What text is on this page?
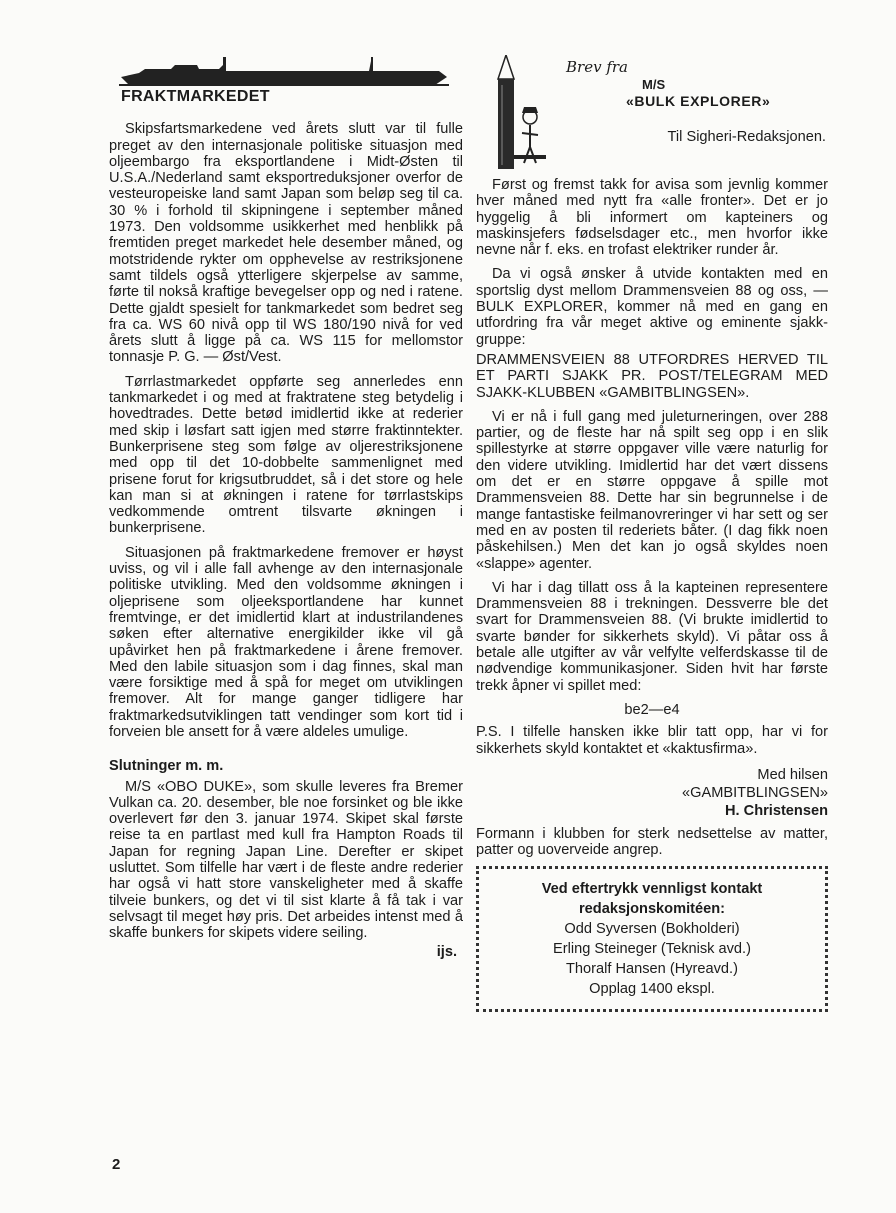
FRAKTMARKEDET

Skipsfartsmarkedene ved årets slutt var til fulle preget av den internasjonale politiske situasjon med oljeembargo fra eksportlandene i Midt-Østen til U.S.A./Nederland samt eksportreduksjoner overfor de vesteuropeiske land samt Japan som beløp seg til ca. 30 % i forhold til skipningene i september måned 1973. Den voldsomme usikkerhet med henblikk på fremtiden preget markedet hele desember måned, og motstridende rykter om opphevelse av restriksjonene samt tildels også ytterligere skjerpelse av samme, førte til nokså kraftige bevegelser opp og ned i ratene. Dette gjaldt spesielt for tankmarkedet som bedret seg fra ca. WS 60 nivå opp til WS 180/190 nivå for ved årets slutt å ligge på ca. WS 115 for mellomstor tonnasje P. G. — Øst/Vest.

Tørrlastmarkedet oppførte seg annerledes enn tankmarkedet i og med at fraktratene steg betydelig i hovedtrades. Dette betød imidlertid ikke at rederier med skip i løsfart satt igjen med større fraktinntekter. Bunkerprisene steg som følge av oljerestriksjonene med opp til det 10-dobbelte sammenlignet med prisene forut for krigsutbruddet, så i det store og hele kan man si at økningen i ratene for tørrlastskips vedkommende omtrent tilsvarte økningen i bunkerprisene.

Situasjonen på fraktmarkedene fremover er høyst uviss, og vil i alle fall avhenge av den internasjonale politiske utvikling. Med den voldsomme økningen i oljeprisene som oljeeksportlandene har kunnet fremtvinge, er det imidlertid klart at industrilandenes søken efter alternative energikilder ikke vil gå upåvirket hen på fraktmarkedene i årene fremover. Med den labile situasjon som i dag finnes, skal man være forsiktige med å spå for meget om utviklingen fremover. Alt for mange ganger tidligere har fraktmarkedsutviklingen tatt vendinger som kort tid i forveien ble ansett for å være aldeles umulige.

Slutninger m. m.

M/S «OBO DUKE», som skulle leveres fra Bremer Vulkan ca. 20. desember, ble noe forsinket og ble ikke overlevert før den 3. januar 1974. Skipet skal første reise ta en partlast med kull fra Hampton Roads til Japan for regning Japan Line. Derefter er skipet usluttet. Som tilfelle har vært i de fleste andre rederier har også vi hatt store vanskeligheter med å skaffe tilveie bunkers, og det vi til sist klarte å få tak i var selvsagt til meget høy pris. Det arbeides intenst med å skaffe bunkers for skipets videre seiling.

ijs.
Brev fra
M/S
«BULK EXPLORER»
Til Sigheri-Redaksjonen.

Først og fremst takk for avisa som jevnlig kommer hver måned med nytt fra «alle fronter». Det er jo hyggelig å bli informert om kapteiners og maskinsjefers fødselsdager etc., men hvorfor ikke nevne når f. eks. en trofast elektriker runder år.

Da vi også ønsker å utvide kontakten med en sportslig dyst mellom Drammensveien 88 og oss, — BULK EXPLORER, kommer nå med en gang en utfordring fra vår meget aktive og eminente sjakk-gruppe:

DRAMMENSVEIEN 88 UTFORDRES HERVED TIL ET PARTI SJAKK PR. POST/TELEGRAM MED SJAKK-KLUBBEN «GAMBITBLINGSEN».

Vi er nå i full gang med juleturneringen, over 288 partier, og de fleste har nå spilt seg opp i en slik spillestyrke at større oppgaver ville være naturlig for den videre utvikling. Imidlertid har det vært dissens om det er en større oppgave å spille mot Drammensveien 88. Dette har sin begrunnelse i de mange fantastiske feilmanovreringer vi har sett og ser med en av posten til rederiets båter. (I dag fikk noen påskehilsen.) Men det kan jo også skyldes noen «slappe» agenter.

Vi har i dag tillatt oss å la kapteinen representere Drammensveien 88 i trekningen. Dessverre ble det svart for Drammensveien 88. (Vi brukte imidlertid to svarte bønder for sikkerhets skyld). Vi påtar oss å betale alle utgifter av vår velfylte velferdskasse til de nødvendige kommunikasjoner. Siden hvit har første trekk åpner vi spillet med:

be2—e4

P.S. I tilfelle hansken ikke blir tatt opp, har vi for sikkerhets skyld kontaktet et «kaktusfirma».

Med hilsen
«GAMBITBLINGSEN»
H. Christensen

Formann i klubben for sterk nedsettelse av matter, patter og uoverveide angrep.

Ved eftertrykk vennligst kontakt
redaksjonskomitéen:
Odd Syversen (Bokholderi)
Erling Steineger (Teknisk avd.)
Thoralf Hansen (Hyreavd.)
Opplag 1400 ekspl.
2
